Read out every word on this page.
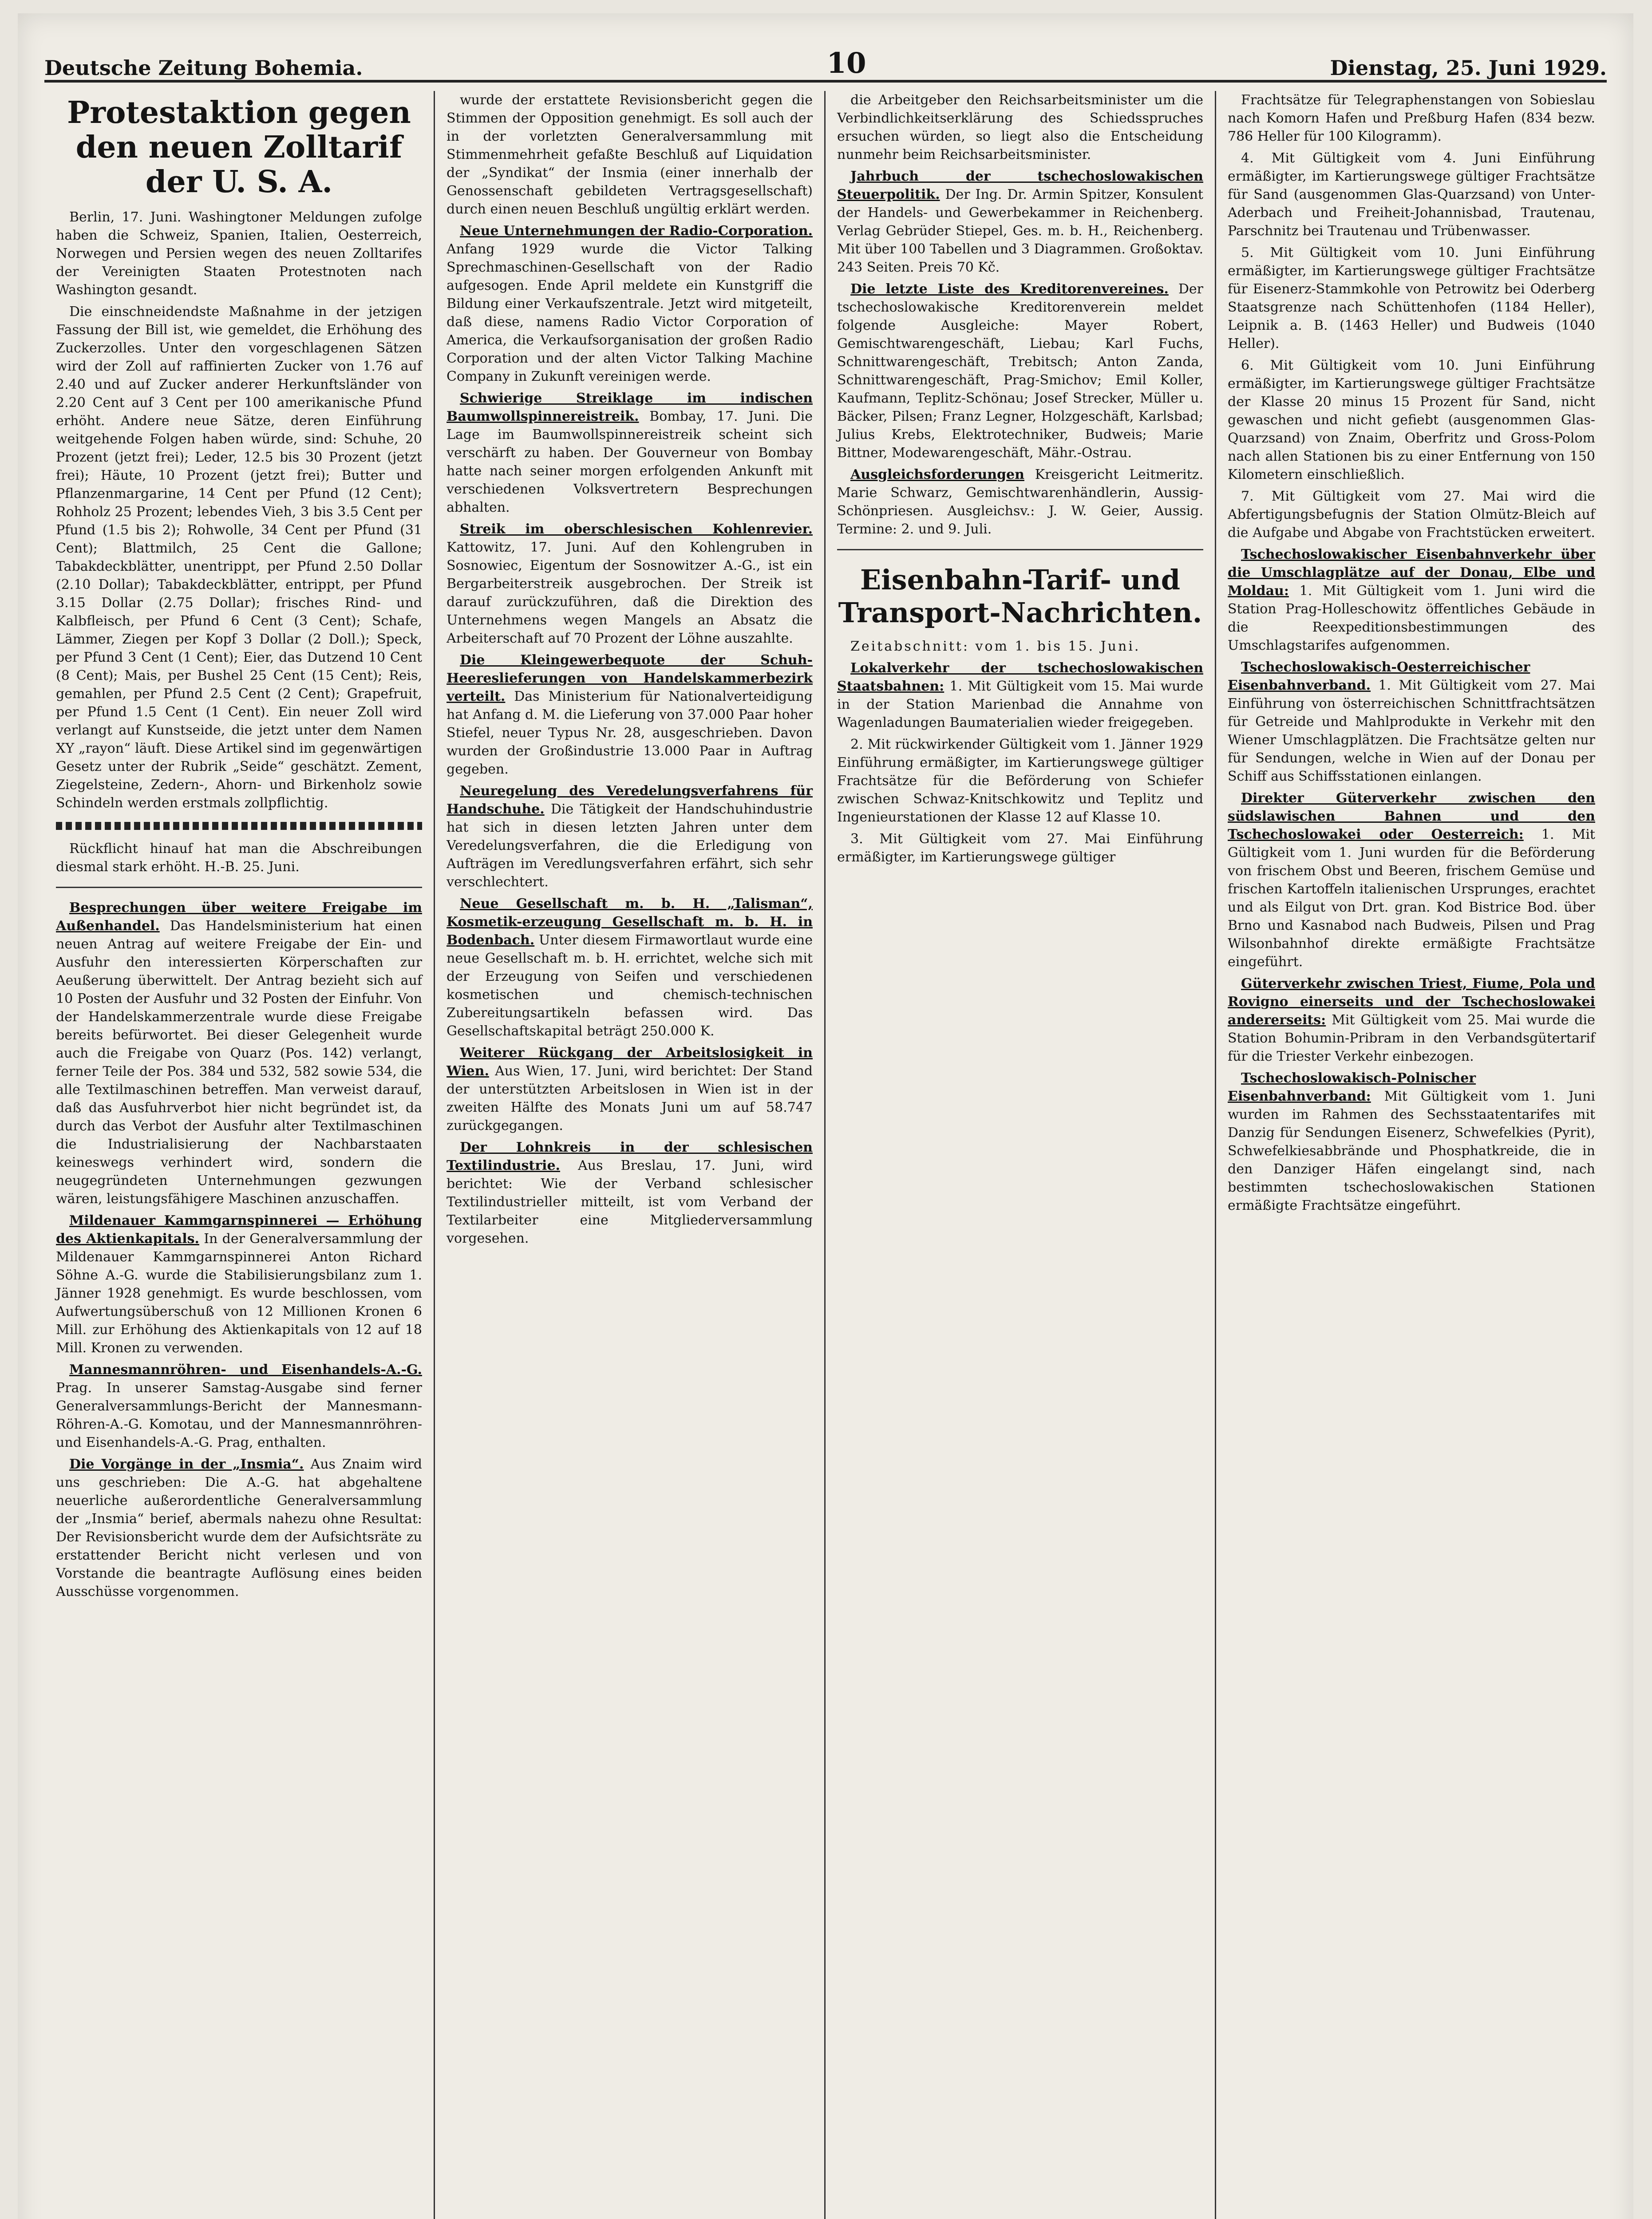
Deutsche Zeitung Bohemia.	10	Dienstag, 25. Juni 1929.
Protestaktion gegen den neuen Zolltarif der U. S. A.

Berlin, 17. Juni. Washingtoner Meldungen zufolge haben die Schweiz, Spanien, Italien, Oesterreich, Norwegen und Persien wegen des neuen Zolltarifes der Vereinigten Staaten Protestnoten nach Washington gesandt.

Die einschneidendste Maßnahme in der jetzigen Fassung der Bill ist, wie gemeldet, die Erhöhung des Zuckerzolles. Unter den vorgeschlagenen Sätzen wird der Zoll auf raffinierten Zucker von 1.76 auf 2.40 und auf Zucker anderer Herkunftsländer von 2.20 Cent auf 3 Cent per 100 amerikanische Pfund erhöht. Andere neue Sätze, deren Einführung weitgehende Folgen haben würde, sind: Schuhe, 20 Prozent (jetzt frei); Leder, 12.5 bis 30 Prozent (jetzt frei); Häute, 10 Prozent (jetzt frei); Butter und Pflanzenmargarine, 14 Cent per Pfund (12 Cent); Rohholz 25 Prozent; lebendes Vieh, 3 bis 3.5 Cent per Pfund (1.5 bis 2); Rohwolle, 34 Cent per Pfund (31 Cent); Blattmilch, 25 Cent die Gallone; Tabakdeckblätter, unentrippt, per Pfund 2.50 Dollar (2.10 Dollar); Tabakdeckblätter, entrippt, per Pfund 3.15 Dollar (2.75 Dollar); frisches Rind- und Kalbfleisch, per Pfund 6 Cent (3 Cent); Schafe, Lämmer, Ziegen per Kopf 3 Dollar (2 Doll.); Speck, per Pfund 3 Cent (1 Cent); Eier, das Dutzend 10 Cent (8 Cent); Mais, per Bushel 25 Cent (15 Cent); Reis, gemahlen, per Pfund 2.5 Cent (2 Cent); Grapefruit, per Pfund 1.5 Cent (1 Cent). Ein neuer Zoll wird verlangt auf Kunstseide, die jetzt unter dem Namen XY „rayon“ läuft. Diese Artikel sind im gegenwärtigen Gesetz unter der Rubrik „Seide“ geschätzt. Zement, Ziegelsteine, Zedern-, Ahorn- und Birkenholz sowie Schindeln werden erstmals zollpflichtig.

Rückflicht hinauf hat man die Abschreibungen diesmal stark erhöht. H.-B. 25. Juni.

Besprechungen über weitere Freigabe im Außenhandel. Das Handelsministerium hat einen neuen Antrag auf weitere Freigabe der Ein- und Ausfuhr den interessierten Körperschaften zur Aeußerung überwittelt. Der Antrag bezieht sich auf 10 Posten der Ausfuhr und 32 Posten der Einfuhr. Von der Handelskammerzentrale wurde diese Freigabe bereits befürwortet. Bei dieser Gelegenheit wurde auch die Freigabe von Quarz (Pos. 142) verlangt, ferner Teile der Pos. 384 und 532, 582 sowie 534, die alle Textilmaschinen betreffen. Man verweist darauf, daß das Ausfuhrverbot hier nicht begründet ist, da durch das Verbot der Ausfuhr alter Textilmaschinen die Industrialisierung der Nachbarstaaten keineswegs verhindert wird, sondern die neugegründeten Unternehmungen gezwungen wären, leistungsfähigere Maschinen anzuschaffen.

Mildenauer Kammgarnspinnerei — Erhöhung des Aktienkapitals. In der Generalversammlung der Mildenauer Kammgarnspinnerei Anton Richard Söhne A.-G. wurde die Stabilisierungsbilanz zum 1. Jänner 1928 genehmigt. Es wurde beschlossen, vom Aufwertungsüberschuß von 12 Millionen Kronen 6 Mill. zur Erhöhung des Aktienkapitals von 12 auf 18 Mill. Kronen zu verwenden.

Mannesmannröhren- und Eisenhandels-A.-G. Prag. In unserer Samstag-Ausgabe sind ferner Generalversammlungs-Bericht der Mannesmann-Röhren-A.-G. Komotau, und der Mannesmannröhren- und Eisenhandels-A.-G. Prag, enthalten.

Die Vorgänge in der „Insmia“. Aus Znaim wird uns geschrieben: Die A.-G. hat abgehaltene neuerliche außerordentliche Generalversammlung der „Insmia“ berief, abermals nahezu ohne Resultat: Der Revisionsbericht wurde dem der Aufsichtsräte zu erstattender Bericht nicht verlesen und von Vorstande die beantragte Auflösung eines beiden Ausschüsse vorgenommen.

wurde der erstattete Revisionsbericht gegen die Stimmen der Opposition genehmigt. Es soll auch der in der vorletzten Generalversammlung mit Stimmenmehrheit gefaßte Beschluß auf Liquidation der „Syndikat“ der Insmia (einer innerhalb der Genossenschaft gebildeten Vertragsgesellschaft) durch einen neuen Beschluß ungültig erklärt werden.

Neue Unternehmungen der Radio-Corporation. Anfang 1929 wurde die Victor Talking Sprechmaschinen-Gesellschaft von der Radio aufgesogen. Ende April meldete ein Kunstgriff die Bildung einer Verkaufszentrale. Jetzt wird mitgeteilt, daß diese, namens Radio Victor Corporation of America, die Verkaufsorganisation der großen Radio Corporation und der alten Victor Talking Machine Company in Zukunft vereinigen werde.

Schwierige Streiklage im indischen Baumwollspinnereistreik. Bombay, 17. Juni. Die Lage im Baumwollspinnereistreik scheint sich verschärft zu haben. Der Gouverneur von Bombay hatte nach seiner morgen erfolgenden Ankunft mit verschiedenen Volksvertretern Besprechungen abhalten.

Streik im oberschlesischen Kohlenrevier. Kattowitz, 17. Juni. Auf den Kohlengruben in Sosnowiec, Eigentum der Sosnowitzer A.-G., ist ein Bergarbeiterstreik ausgebrochen. Der Streik ist darauf zurückzuführen, daß die Direktion des Unternehmens wegen Mangels an Absatz die Arbeiterschaft auf 70 Prozent der Löhne auszahlte.

Die Kleingewerbequote der Schuh-Heereslieferungen von Handelskammerbezirk verteilt. Das Ministerium für Nationalverteidigung hat Anfang d. M. die Lieferung von 37.000 Paar hoher Stiefel, neuer Typus Nr. 28, ausgeschrieben. Davon wurden der Großindustrie 13.000 Paar in Auftrag gegeben.

Neuregelung des Veredelungsverfahrens für Handschuhe. Die Tätigkeit der Handschuhindustrie hat sich in diesen letzten Jahren unter dem Veredelungsverfahren, die die Erledigung von Aufträgen im Veredlungsverfahren erfährt, sich sehr verschlechtert.

Neue Gesellschaft m. b. H. „Talisman“, Kosmetik-erzeugung Gesellschaft m. b. H. in Bodenbach. Unter diesem Firmawortlaut wurde eine neue Gesellschaft m. b. H. errichtet, welche sich mit der Erzeugung von Seifen und verschiedenen kosmetischen und chemisch-technischen Zubereitungsartikeln befassen wird. Das Gesellschaftskapital beträgt 250.000 K.

Weiterer Rückgang der Arbeitslosigkeit in Wien. Aus Wien, 17. Juni, wird berichtet: Der Stand der unterstützten Arbeitslosen in Wien ist in der zweiten Hälfte des Monats Juni um auf 58.747 zurückgegangen.

Der Lohnkreis in der schlesischen Textilindustrie. Aus Breslau, 17. Juni, wird berichtet: Wie der Verband schlesischer Textilindustrieller mitteilt, ist vom Verband der Textilarbeiter eine Mitgliederversammlung vorgesehen.

die Arbeitgeber den Reichsarbeitsminister um die Verbindlichkeitserklärung des Schiedsspruches ersuchen würden, so liegt also die Entscheidung nunmehr beim Reichsarbeitsminister.

Jahrbuch der tschechoslowakischen Steuerpolitik. Der Ing. Dr. Armin Spitzer, Konsulent der Handels- und Gewerbekammer in Reichenberg. Verlag Gebrüder Stiepel, Ges. m. b. H., Reichenberg. Mit über 100 Tabellen und 3 Diagrammen. Großoktav. 243 Seiten. Preis 70 Kč.

Die letzte Liste des Kreditorenvereines. Der tschechoslowakische Kreditorenverein meldet folgende Ausgleiche: Mayer Robert, Gemischtwarengeschäft, Liebau; Karl Fuchs, Schnittwarengeschäft, Trebitsch; Anton Zanda, Schnittwarengeschäft, Prag-Smichov; Emil Koller, Kaufmann, Teplitz-Schönau; Josef Strecker, Müller u. Bäcker, Pilsen; Franz Legner, Holzgeschäft, Karlsbad; Julius Krebs, Elektrotechniker, Budweis; Marie Bittner, Modewarengeschäft, Mähr.-Ostrau.

Ausgleichsforderungen Kreisgericht Leitmeritz. Marie Schwarz, Gemischtwarenhändlerin, Aussig-Schönpriesen. Ausgleichsv.: J. W. Geier, Aussig. Termine: 2. und 9. Juli.

Eisenbahn-Tarif- und Transport-Nachrichten.

Zeitabschnitt: vom 1. bis 15. Juni.

Lokalverkehr der tschechoslowakischen Staatsbahnen: 1. Mit Gültigkeit vom 15. Mai wurde in der Station Marienbad die Annahme von Wagenladungen Baumaterialien wieder freigegeben.

2. Mit rückwirkender Gültigkeit vom 1. Jänner 1929 Einführung ermäßigter, im Kartierungswege gültiger Frachtsätze für die Beförderung von Schiefer zwischen Schwaz-Knitschkowitz und Teplitz und Ingenieurstationen der Klasse 12 auf Klasse 10.

3. Mit Gültigkeit vom 27. Mai Einführung ermäßigter, im Kartierungswege gültiger

Frachtsätze für Telegraphenstangen von Sobieslau nach Komorn Hafen und Preßburg Hafen (834 bezw. 786 Heller für 100 Kilogramm).

4. Mit Gültigkeit vom 4. Juni Einführung ermäßigter, im Kartierungswege gültiger Frachtsätze für Sand (ausgenommen Glas-Quarzsand) von Unter-Aderbach und Freiheit-Johannisbad, Trautenau, Parschnitz bei Trautenau und Trübenwasser.

5. Mit Gültigkeit vom 10. Juni Einführung ermäßigter, im Kartierungswege gültiger Frachtsätze für Eisenerz-Stammkohle von Petrowitz bei Oderberg Staatsgrenze nach Schüttenhofen (1184 Heller), Leipnik a. B. (1463 Heller) und Budweis (1040 Heller).

6. Mit Gültigkeit vom 10. Juni Einführung ermäßigter, im Kartierungswege gültiger Frachtsätze der Klasse 20 minus 15 Prozent für Sand, nicht gewaschen und nicht gefiebt (ausgenommen Glas-Quarzsand) von Znaim, Oberfritz und Gross-Polom nach allen Stationen bis zu einer Entfernung von 150 Kilometern einschließlich.

7. Mit Gültigkeit vom 27. Mai wird die Abfertigungsbefugnis der Station Olmütz-Bleich auf die Aufgabe und Abgabe von Frachtstücken erweitert.

Tschechoslowakischer Eisenbahnverkehr über die Umschlagplätze auf der Donau, Elbe und Moldau: 1. Mit Gültigkeit vom 1. Juni wird die Station Prag-Holleschowitz öffentliches Gebäude in die Reexpeditionsbestimmungen des Umschlagstarifes aufgenommen.

Tschechoslowakisch-Oesterreichischer Eisenbahnverband. 1. Mit Gültigkeit vom 27. Mai Einführung von österreichischen Schnittfrachtsätzen für Getreide und Mahlprodukte in Verkehr mit den Wiener Umschlagplätzen. Die Frachtsätze gelten nur für Sendungen, welche in Wien auf der Donau per Schiff aus Schiffsstationen einlangen.

Direkter Güterverkehr zwischen den südslawischen Bahnen und den Tschechoslowakei oder Oesterreich: 1. Mit Gültigkeit vom 1. Juni wurden für die Beförderung von frischem Obst und Beeren, frischem Gemüse und frischen Kartoffeln italienischen Ursprunges, erachtet und als Eilgut von Drt. gran. Kod Bistrice Bod. über Brno und Kasnabod nach Budweis, Pilsen und Prag Wilsonbahnhof direkte ermäßigte Frachtsätze eingeführt.

Güterverkehr zwischen Triest, Fiume, Pola und Rovigno einerseits und der Tschechoslowakei andererseits: Mit Gültigkeit vom 25. Mai wurde die Station Bohumin-Pribram in den Verbandsgütertarif für die Triester Verkehr einbezogen.

Tschechoslowakisch-Polnischer Eisenbahnverband: Mit Gültigkeit vom 1. Juni wurden im Rahmen des Sechsstaatentarifes mit Danzig für Sendungen Eisenerz, Schwefelkies (Pyrit), Schwefelkiesabbrände und Phosphatkreide, die in den Danziger Häfen eingelangt sind, nach bestimmten tschechoslowakischen Stationen ermäßigte Frachtsätze eingeführt.
